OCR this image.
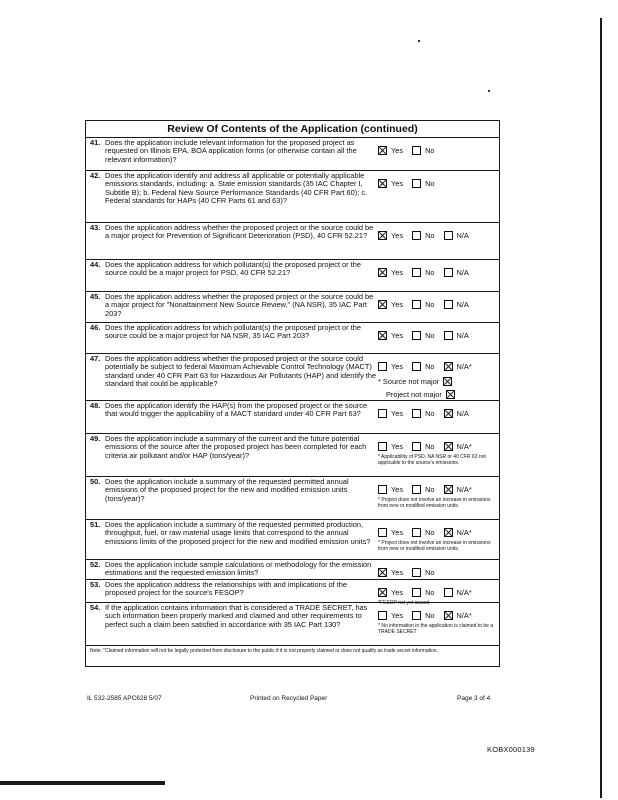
Review Of Contents of the Application (continued)
41. Does the application include relevant information for the proposed project as requested on Illinois EPA, BOA application forms (or otherwise contain all the relevant information)?
Yes	No
42. Does the application identify and address all applicable or potentially applicable emissions standards, including: a. State emission standards (35 IAC Chapter I, Subtitle B); b. Federal New Source Performance Standards (40 CFR Part 60); c. Federal standards for HAPs (40 CFR Parts 61 and 63)?
Yes	No
43. Does the application address whether the proposed project or the source could be a major project for Prevention of Significant Deterioration (PSD), 40 CFR 52.21?	Yes	No	N/A
44. Does the application address for which pollutant(s) the proposed project or the source could be a major project for PSD, 40 CFR 52.21?	Yes	No	N/A
45. Does the application address whether the proposed project or the source could be a major project for "Nonattainment New Source Review," (NA NSR), 35 IAC Part 203?
Yes	No	N/A
46. Does the application address for which pollutant(s) the proposed project or the source could be a major project for NA NSR, 35 IAC Part 203?	Yes	No	N/A
47. Does the application address whether the proposed project or the source could potentially be subject to federal Maximum Achievable Control Technology (MACT) standard under 40 CFR Part 63 for Hazardous Air Pollutants (HAP) and identify the standard that could be applicable?
Yes	No	N/A*
* Source not major
Project not major
48. Does the application identify the HAP(s) from the proposed project or the source that would trigger the applicability of a MACT standard under 40 CFR Part 63?	Yes	No	N/A
49. Does the application include a summary of the current and the future potential emissions of the source after the proposed project has been completed for each criteria air pollutant and/or HAP (tons/year)?
Yes	No	N/A*
* Applicability of PSD, NA NSR or 40 CFR 63 not applicable to the source's emissions.
50. Does the application include a summary of the requested permitted annual emissions of the proposed project for the new and modified emission units (tons/year)?
Yes	No	N/A*
* Project does not involve an increase in emissions from new or modified emission units.
51. Does the application include a summary of the requested permitted production, throughput, fuel, or raw material usage limits that correspond to the annual emissions limits of the proposed project for the new and modified emission units?
Yes	No	N/A*
* Project does not involve an increase in emissions from new or modified emission units.
52. Does the application include sample calculations or methodology for the emission estimations and the requested emission limits?	Yes	No
53. Does the application address the relationships with and implications of the proposed project for the source's FESOP?	Yes	No	N/A*
*FESOP not yet issued.
54. If the application contains information that is considered a TRADE SECRET, has such information been properly marked and claimed and other requirements to perfect such a claim been satisfied in accordance with 35 IAC Part 130?
Yes	No	N/A*
* No information in the application is claimed to be a TRADE SECRET
Note: "Claimed information will not be legally protected from disclosure to the public if it is not properly claimed or does not qualify as trade secret information.
IL 532-2585 APC628 5/07	Printed on Recycled Paper	Page 3 of 4
KOBX000139
